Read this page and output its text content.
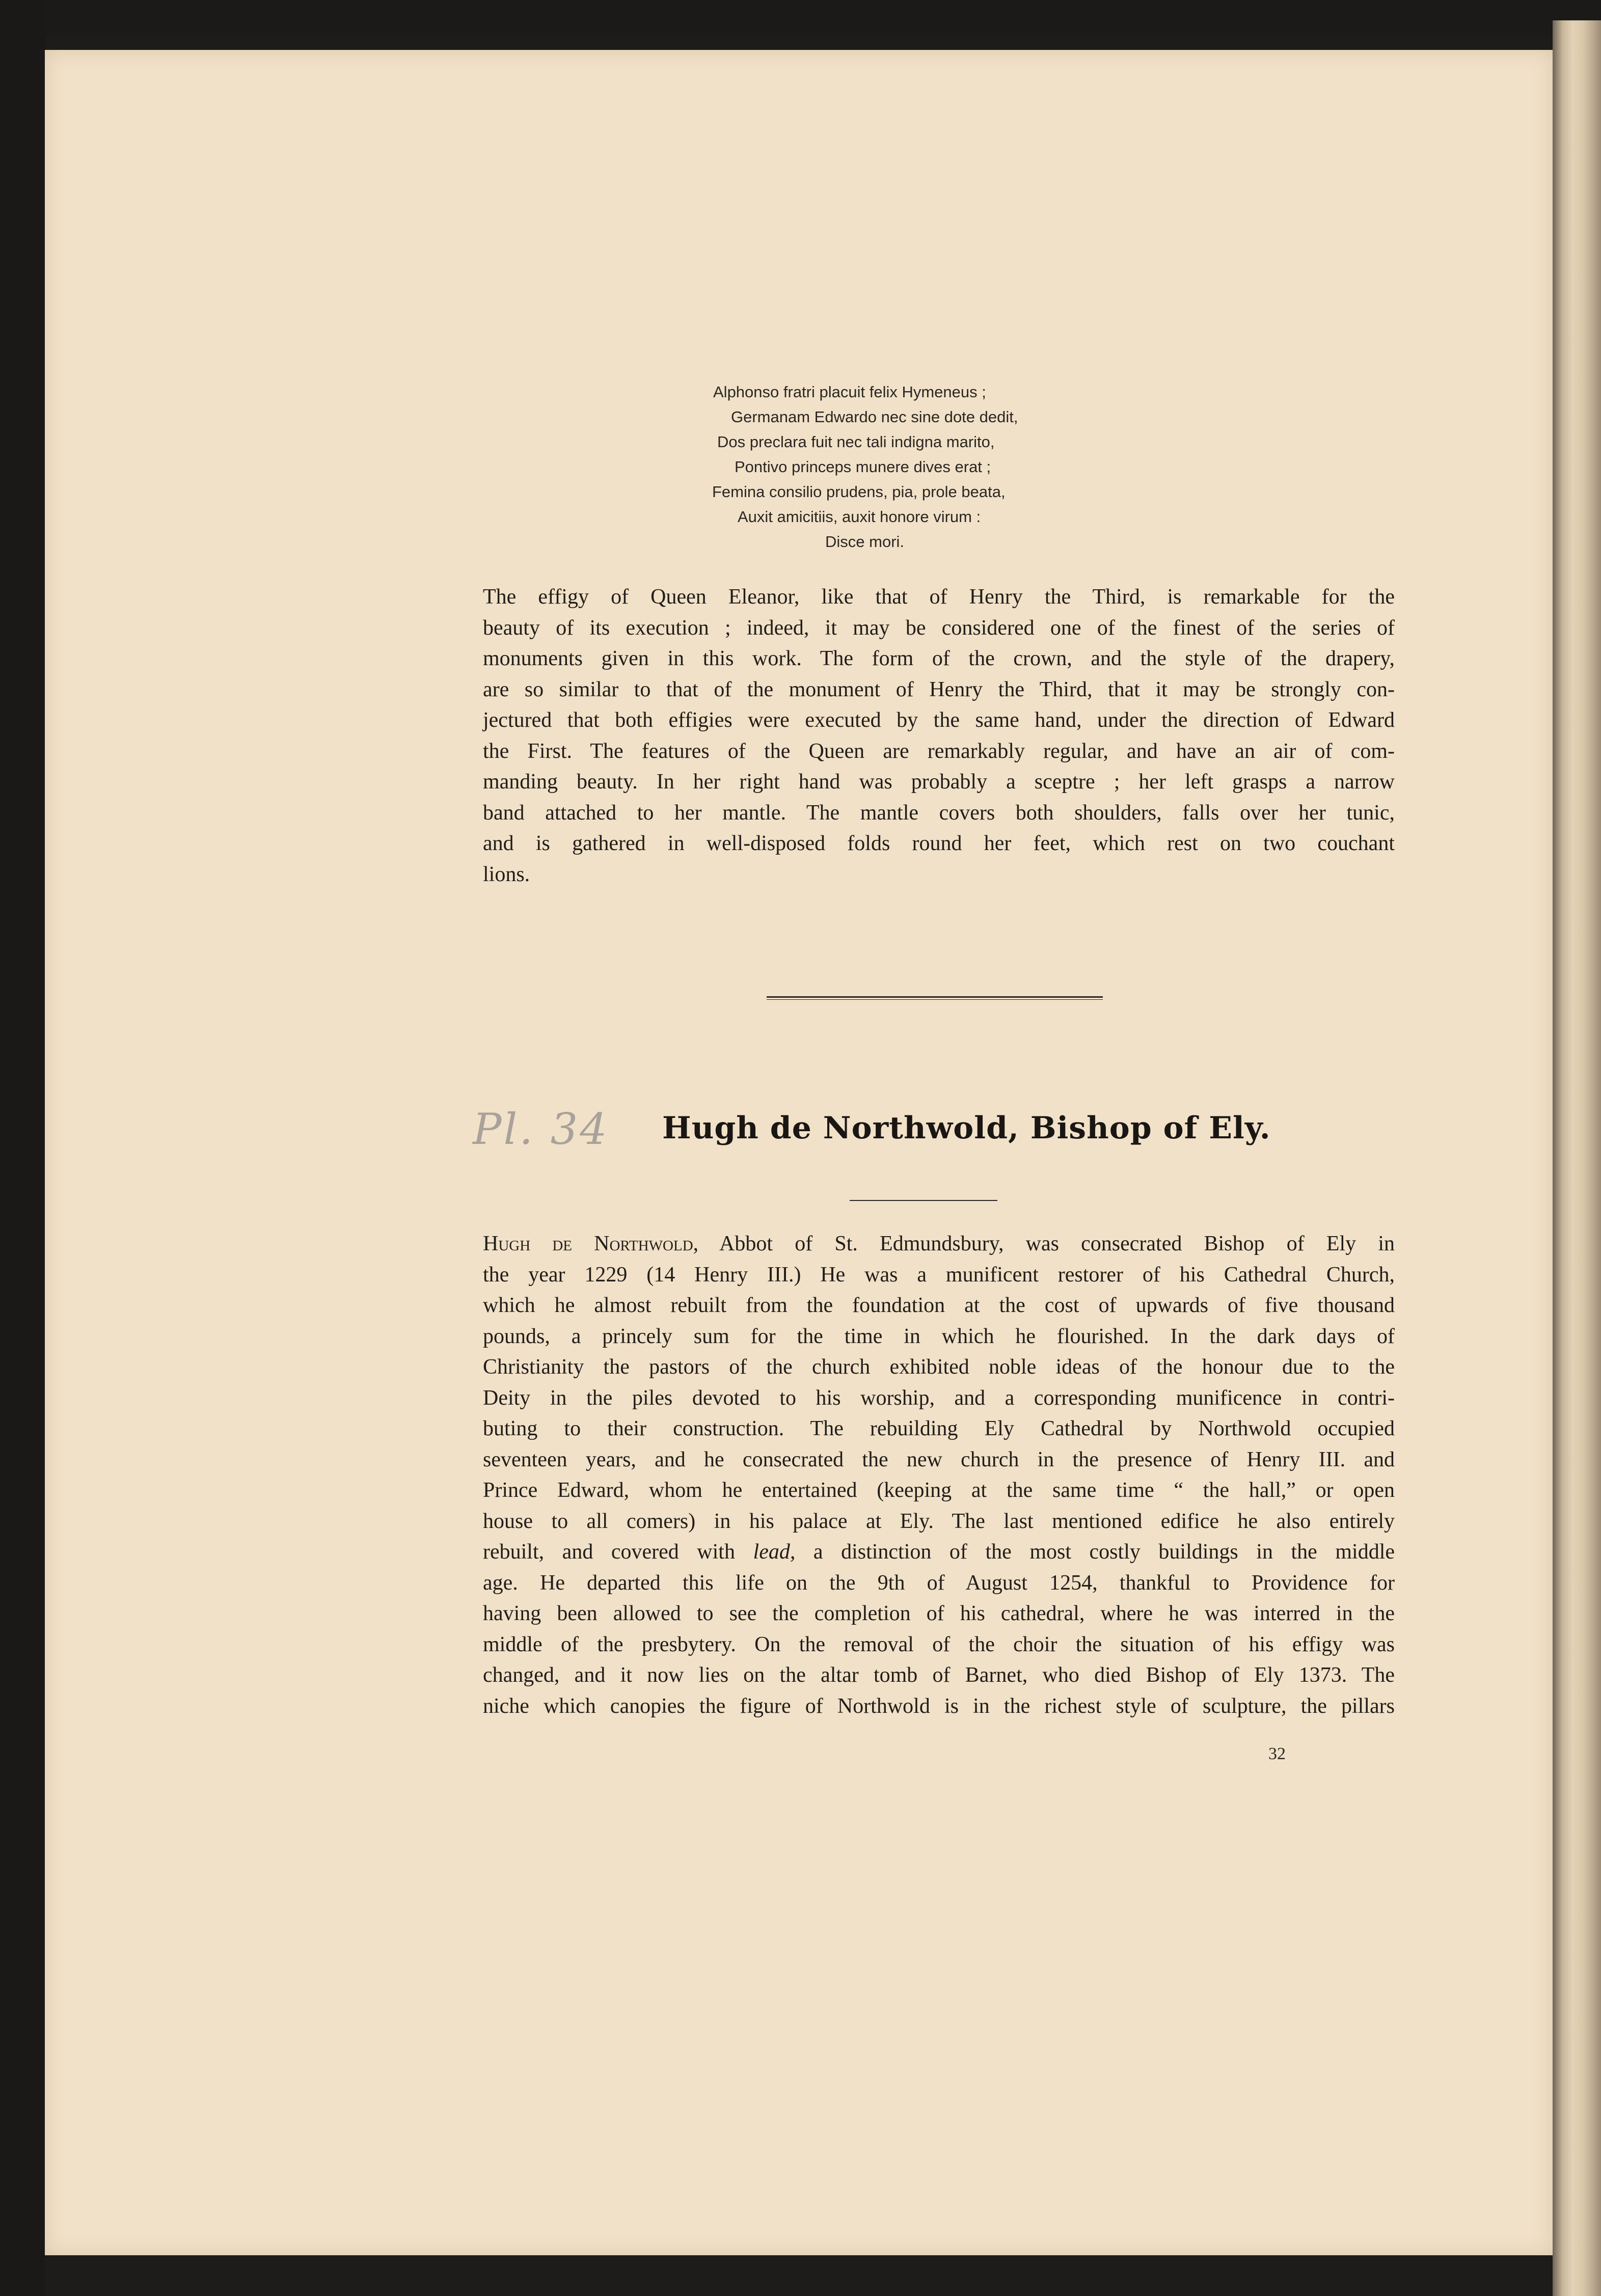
Alphonso fratri placuit felix Hymeneus ;
Germanam Edwardo nec sine dote dedit,
Dos preclara fuit nec tali indigna marito,
Pontivo princeps munere dives erat ;
Femina consilio prudens, pia, prole beata,
Auxit amicitiis, auxit honore virum :
Disce mori.
The effigy of Queen Eleanor, like that of Henry the Third, is remarkable for the
beauty of its execution ; indeed, it may be considered one of the finest of the series of
monuments given in this work. The form of the crown, and the style of the drapery,
are so similar to that of the monument of Henry the Third, that it may be strongly con-
jectured that both effigies were executed by the same hand, under the direction of Edward
the First. The features of the Queen are remarkably regular, and have an air of com-
manding beauty. In her right hand was probably a sceptre ; her left grasps a narrow
band attached to her mantle. The mantle covers both shoulders, falls over her tunic,
and is gathered in well-disposed folds round her feet, which rest on two couchant
lions.
Pl. 34 Hugh de Northwold, Bishop of Ely.
Hugh de Northwold, Abbot of St. Edmundsbury, was consecrated Bishop of Ely in
the year 1229 (14 Henry III.) He was a munificent restorer of his Cathedral Church,
which he almost rebuilt from the foundation at the cost of upwards of five thousand
pounds, a princely sum for the time in which he flourished. In the dark days of
Christianity the pastors of the church exhibited noble ideas of the honour due to the
Deity in the piles devoted to his worship, and a corresponding munificence in contri-
buting to their construction. The rebuilding Ely Cathedral by Northwold occupied
seventeen years, and he consecrated the new church in the presence of Henry III. and
Prince Edward, whom he entertained (keeping at the same time “ the hall,” or open
house to all comers) in his palace at Ely. The last mentioned edifice he also entirely
rebuilt, and covered with lead, a distinction of the most costly buildings in the middle
age. He departed this life on the 9th of August 1254, thankful to Providence for
having been allowed to see the completion of his cathedral, where he was interred in the
middle of the presbytery. On the removal of the choir the situation of his effigy was
changed, and it now lies on the altar tomb of Barnet, who died Bishop of Ely 1373. The
niche which canopies the figure of Northwold is in the richest style of sculpture, the pillars
32
